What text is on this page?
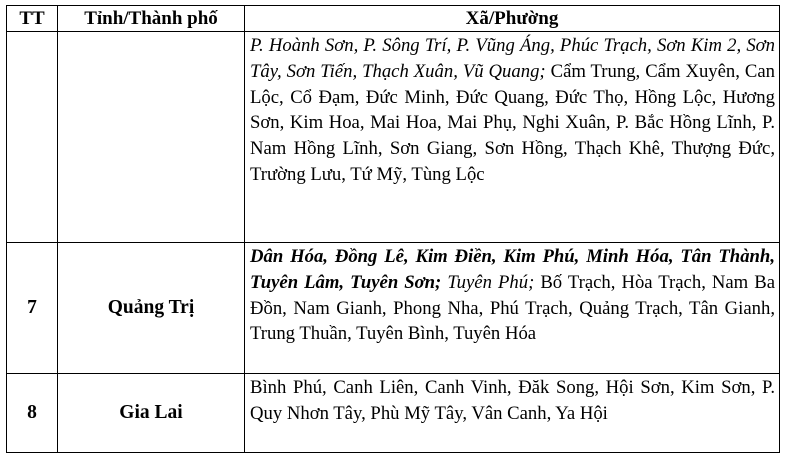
TT	Tỉnh/Thành phố	Xã/Phường
		P. Hoành Sơn, P. Sông Trí, P. Vũng Áng, Phúc Trạch, Sơn Kim 2, Sơn Tây, Sơn Tiến, Thạch Xuân, Vũ Quang; Cẩm Trung, Cẩm Xuyên, Can Lộc, Cổ Đạm, Đức Minh, Đức Quang, Đức Thọ, Hồng Lộc, Hương Sơn, Kim Hoa, Mai Hoa, Mai Phụ, Nghi Xuân, P. Bắc Hồng Lĩnh, P. Nam Hồng Lĩnh, Sơn Giang, Sơn Hồng, Thạch Khê, Thượng Đức, Trường Lưu, Tứ Mỹ, Tùng Lộc
7	Quảng Trị	Dân Hóa, Đồng Lê, Kim Điền, Kim Phú, Minh Hóa, Tân Thành, Tuyên Lâm, Tuyên Sơn; Tuyên Phú; Bố Trạch, Hòa Trạch, Nam Ba Đồn, Nam Gianh, Phong Nha, Phú Trạch, Quảng Trạch, Tân Gianh, Trung Thuần, Tuyên Bình, Tuyên Hóa
8	Gia Lai	Bình Phú, Canh Liên, Canh Vinh, Đăk Song, Hội Sơn, Kim Sơn, P. Quy Nhơn Tây, Phù Mỹ Tây, Vân Canh, Ya Hội
